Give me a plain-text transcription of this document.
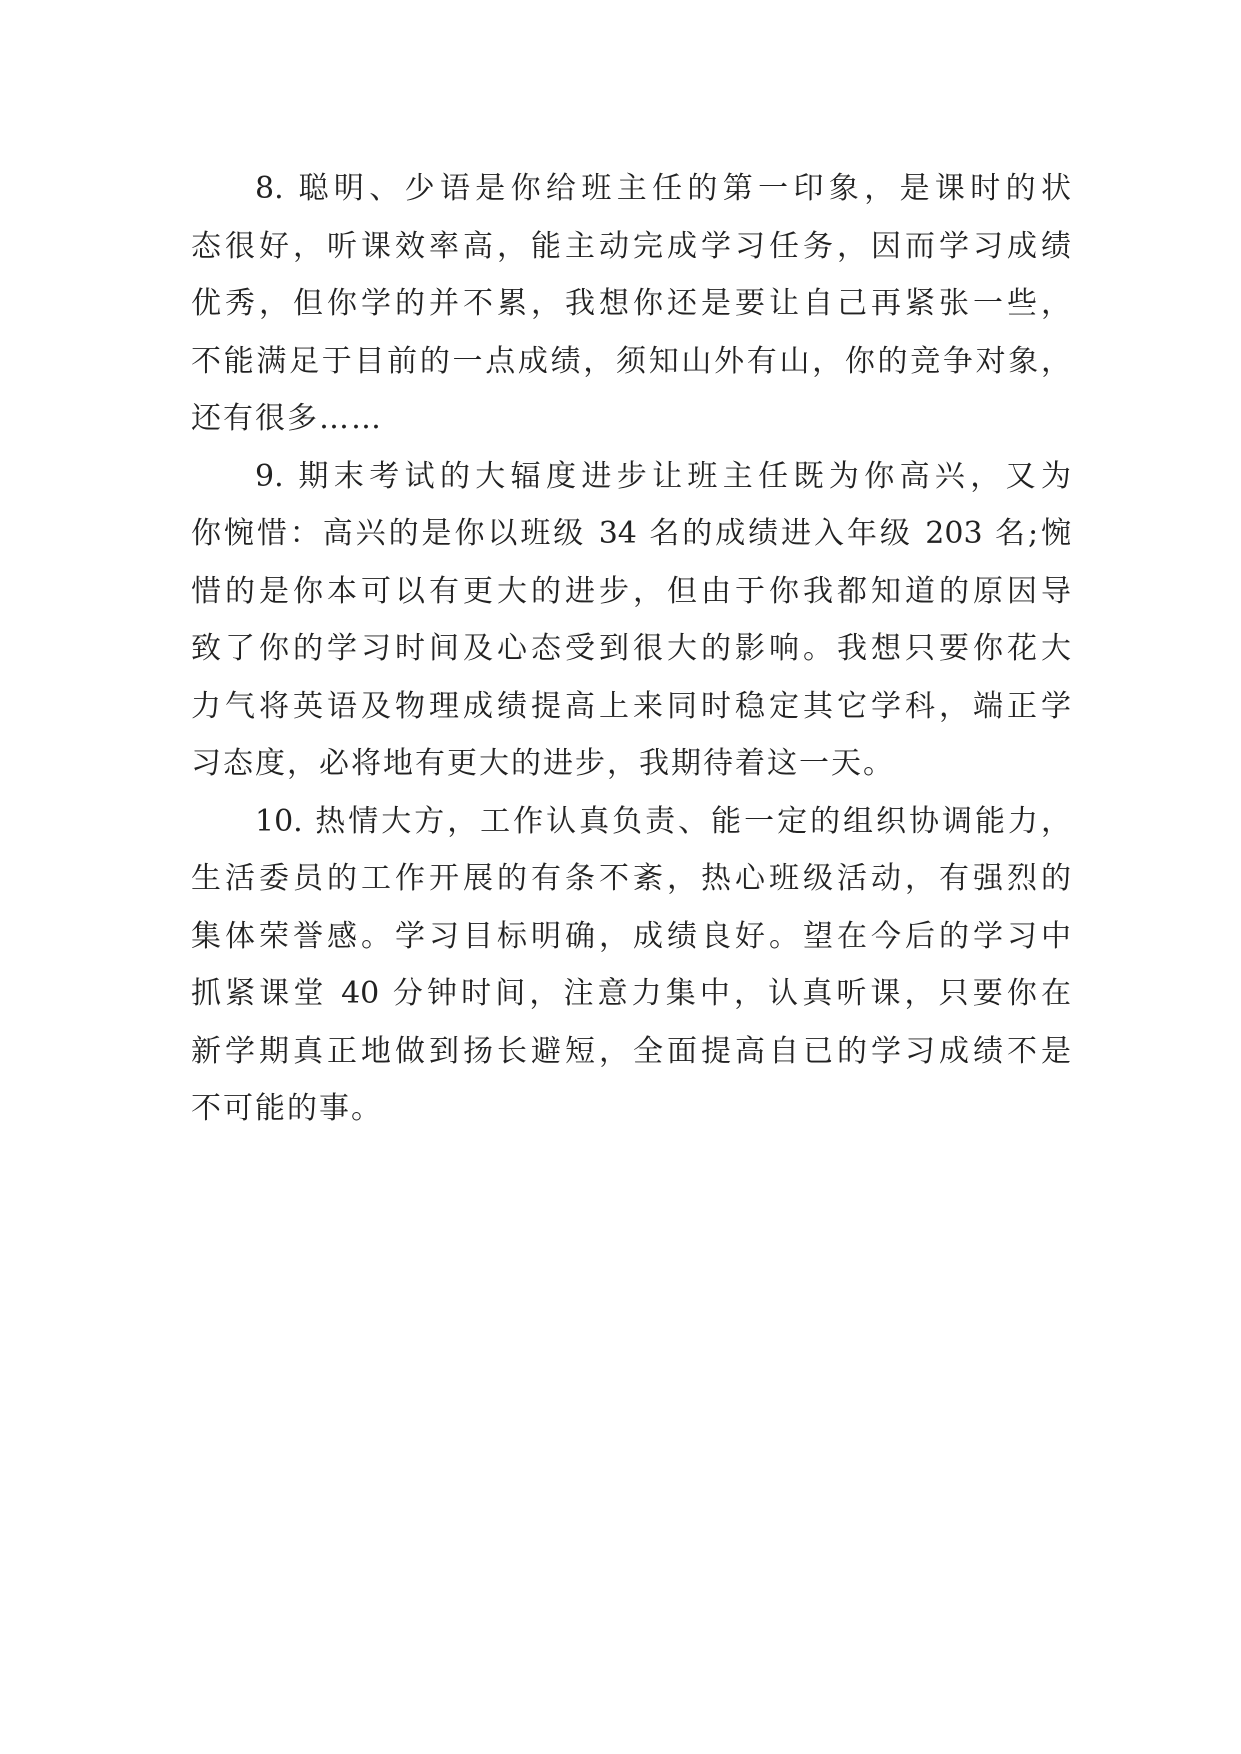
8. 聪明、少语是你给班主任的第一印象，是课时的状
态很好，听课效率高，能主动完成学习任务，因而学习成绩
优秀，但你学的并不累，我想你还是要让自己再紧张一些，
不能满足于目前的一点成绩，须知山外有山，你的竞争对象，
还有很多……
9. 期末考试的大辐度进步让班主任既为你高兴，又为
你惋惜：高兴的是你以班级 34 名的成绩进入年级 203 名;惋
惜的是你本可以有更大的进步，但由于你我都知道的原因导
致了你的学习时间及心态受到很大的影响。我想只要你花大
力气将英语及物理成绩提高上来同时稳定其它学科，端正学
习态度，必将地有更大的进步，我期待着这一天。
10. 热情大方，工作认真负责、能一定的组织协调能力，
生活委员的工作开展的有条不紊，热心班级活动，有强烈的
集体荣誉感。学习目标明确，成绩良好。望在今后的学习中
抓紧课堂 40 分钟时间，注意力集中，认真听课，只要你在
新学期真正地做到扬长避短，全面提高自已的学习成绩不是
不可能的事。
